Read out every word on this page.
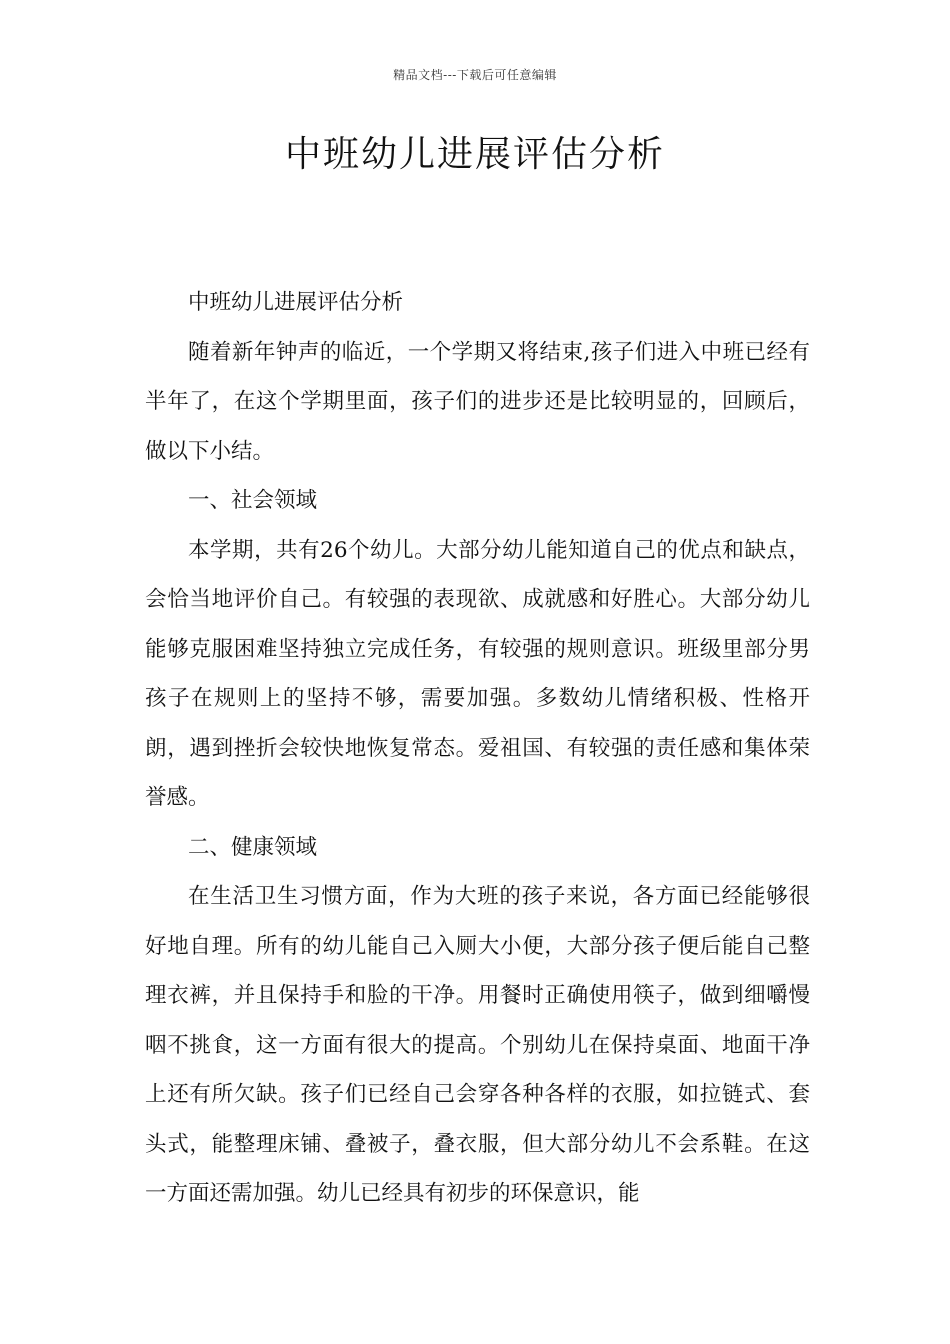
精品文档---下载后可任意编辑
中班幼儿进展评估分析

中班幼儿进展评估分析

随着新年钟声的临近，一个学期又将结束,孩子们进入中班已经有半年了，在这个学期里面，孩子们的进步还是比较明显的，回顾后，做以下小结。

一、社会领域

本学期，共有26个幼儿。大部分幼儿能知道自己的优点和缺点，会恰当地评价自己。有较强的表现欲、成就感和好胜心。大部分幼儿能够克服困难坚持独立完成任务，有较强的规则意识。班级里部分男孩子在规则上的坚持不够，需要加强。多数幼儿情绪积极、性格开朗，遇到挫折会较快地恢复常态。爱祖国、有较强的责任感和集体荣誉感。

二、健康领域

在生活卫生习惯方面，作为大班的孩子来说，各方面已经能够很好地自理。所有的幼儿能自己入厕大小便，大部分孩子便后能自己整理衣裤，并且保持手和脸的干净。用餐时正确使用筷子，做到细嚼慢咽不挑食，这一方面有很大的提高。个别幼儿在保持桌面、地面干净上还有所欠缺。孩子们已经自己会穿各种各样的衣服，如拉链式、套头式，能整理床铺、叠被子，叠衣服，但大部分幼儿不会系鞋。在这一方面还需加强。幼儿已经具有初步的环保意识，能
